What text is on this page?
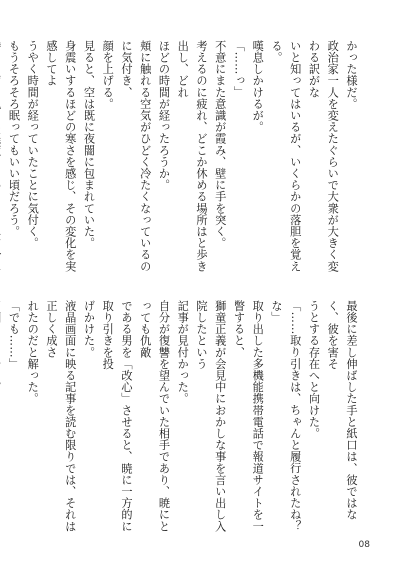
かった様だ。

政治家一人を変えたぐらいで大衆が大きく変わる訳がな

いと知ってはいるが、いくらかの落胆を覚える。

嘆息しかけるが。

「……っ」

不意にまた意識が霞み、壁に手を突く。

考えるのに疲れ、どこか休める場所はと歩き出し、どれ

ほどの時間が経ったろうか。

頬に触れる空気がひどく冷たくなっているのに気付き、

顔を上げる。

見ると、空は既に夜闇に包まれていた。

身震いするほどの寒さを感じ、その変化を実感してよ

うやく時間が経っていたことに気付く。

もうそろそろ眠ってもいい頃だろう。

最後に差し伸ばした手と紙口は、彼ではなく、彼を害そ

うとする存在へと向けた。

「……取り引きは、ちゃんと履行されたね？な」

取り出した多機能携帯電話で報道サイトを一瞥すると、

獅童正義が会見中におかしな事を言い出し入院したという

記事が見付かった。

自分が復讐を望んでいた相手であり、暁にとっても仇敵

である男を「改心」させると、暁に一方的に取り引きを投

げかけた。

液晶画面に映る記事を読む限りでは、それは正しく成さ

れたのだと解った。

「でも……」

08
